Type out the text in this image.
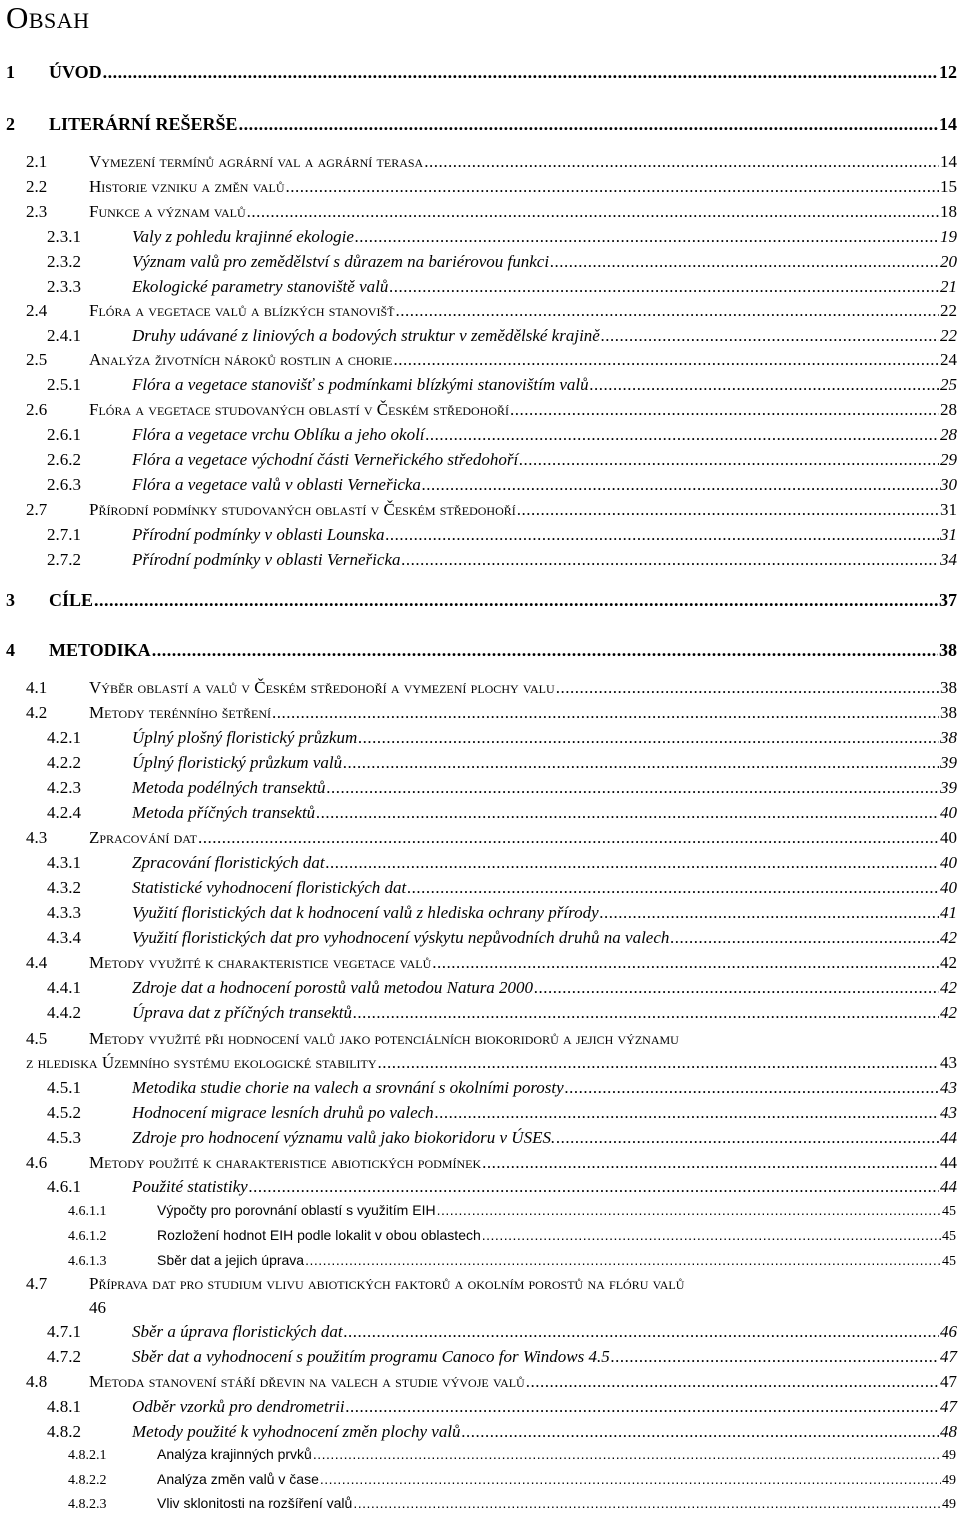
Obsah
1	ÚVOD .....	12
2	LITERÁRNÍ REŠERŠE .....	14
2.1	Vymezení termínů agrární val a agrární terasa .....	14
2.2	Historie vzniku a změn valů .....	15
2.3	Funkce a význam valů .....	18
2.3.1	Valy z pohledu krajinné ekologie .....	19
2.3.2	Význam valů pro zemědělství s důrazem na bariérovou funkci .....	20
2.3.3	Ekologické parametry stanoviště valů .....	21
2.4	Flóra a vegetace valů a blízkých stanovišť .....	22
2.4.1	Druhy udávané z liniových a bodových struktur v zemědělské krajině .....	22
2.5	Analýza životních nároků rostlin a chorie .....	24
2.5.1	Flóra a vegetace stanovišť s podmínkami blízkými stanovištím valů .....	25
2.6	Flóra a vegetace studovaných oblastí v Českém středohoří .....	28
2.6.1	Flóra a vegetace vrchu Oblíku a jeho okolí .....	28
2.6.2	Flóra a vegetace východní části Verneřického středohoří .....	29
2.6.3	Flóra a vegetace valů v oblasti Verneřicka .....	30
2.7	Přírodní podmínky studovaných oblastí v Českém středohoří .....	31
2.7.1	Přírodní podmínky v oblasti Lounska .....	31
2.7.2	Přírodní podmínky v oblasti Verneřicka .....	34
3	CÍLE .....	37
4	METODIKA .....	38
4.1	Výběr oblastí a valů v Českém středohoří a vymezení plochy valu .....	38
4.2	Metody terénního šetření .....	38
4.2.1	Úplný plošný floristický průzkum .....	38
4.2.2	Úplný floristický průzkum valů .....	39
4.2.3	Metoda podélných transektů .....	39
4.2.4	Metoda příčných transektů .....	40
4.3	Zpracování dat .....	40
4.3.1	Zpracování floristických dat .....	40
4.3.2	Statistické vyhodnocení floristických dat .....	40
4.3.3	Využití floristických dat k hodnocení valů z hlediska ochrany přírody .....	41
4.3.4	Využití floristických dat pro vyhodnocení výskytu nepůvodních druhů na valech .....	42
4.4	Metody využité k charakteristice vegetace valů .....	42
4.4.1	Zdroje dat a hodnocení porostů valů metodou Natura 2000 .....	42
4.4.2	Úprava dat z příčných transektů .....	42
4.5 Metody využité při hodnocení valů jako potenciálních biokoridorů a jejich významu
z hlediska Územního systému ekologické stability .....	43
4.5.1	Metodika studie chorie na valech a srovnání s okolními porosty .....	43
4.5.2	Hodnocení migrace lesních druhů po valech .....	43
4.5.3	Zdroje pro hodnocení významu valů jako biokoridoru v ÚSES. .....	44
4.6	Metody použité k charakteristice abiotických podmínek .....	44
4.6.1	Použité statistiky .....	44
4.6.1.1	Výpočty pro porovnání oblastí s využitím EIH .....	45
4.6.1.2	Rozložení hodnot EIH podle lokalit v obou oblastech .....	45
4.6.1.3	Sběr dat a jejich úprava .....	45
4.7 Příprava dat pro studium vlivu abiotických faktorů a okolním porostů na flóru valů
46
4.7.1	Sběr a úprava floristických dat .....	46
4.7.2	Sběr dat a vyhodnocení s použitím programu Canoco for Windows 4.5 .....	47
4.8	Metoda stanovení stáří dřevin na valech a studie vývoje valů .....	47
4.8.1	Odběr vzorků pro dendrometrii .....	47
4.8.2	Metody použité k vyhodnocení změn plochy valů .....	48
4.8.2.1	Analýza krajinných prvků .....	49
4.8.2.2	Analýza změn valů v čase .....	49
4.8.2.3	Vliv sklonitosti na rozšíření valů .....	49
